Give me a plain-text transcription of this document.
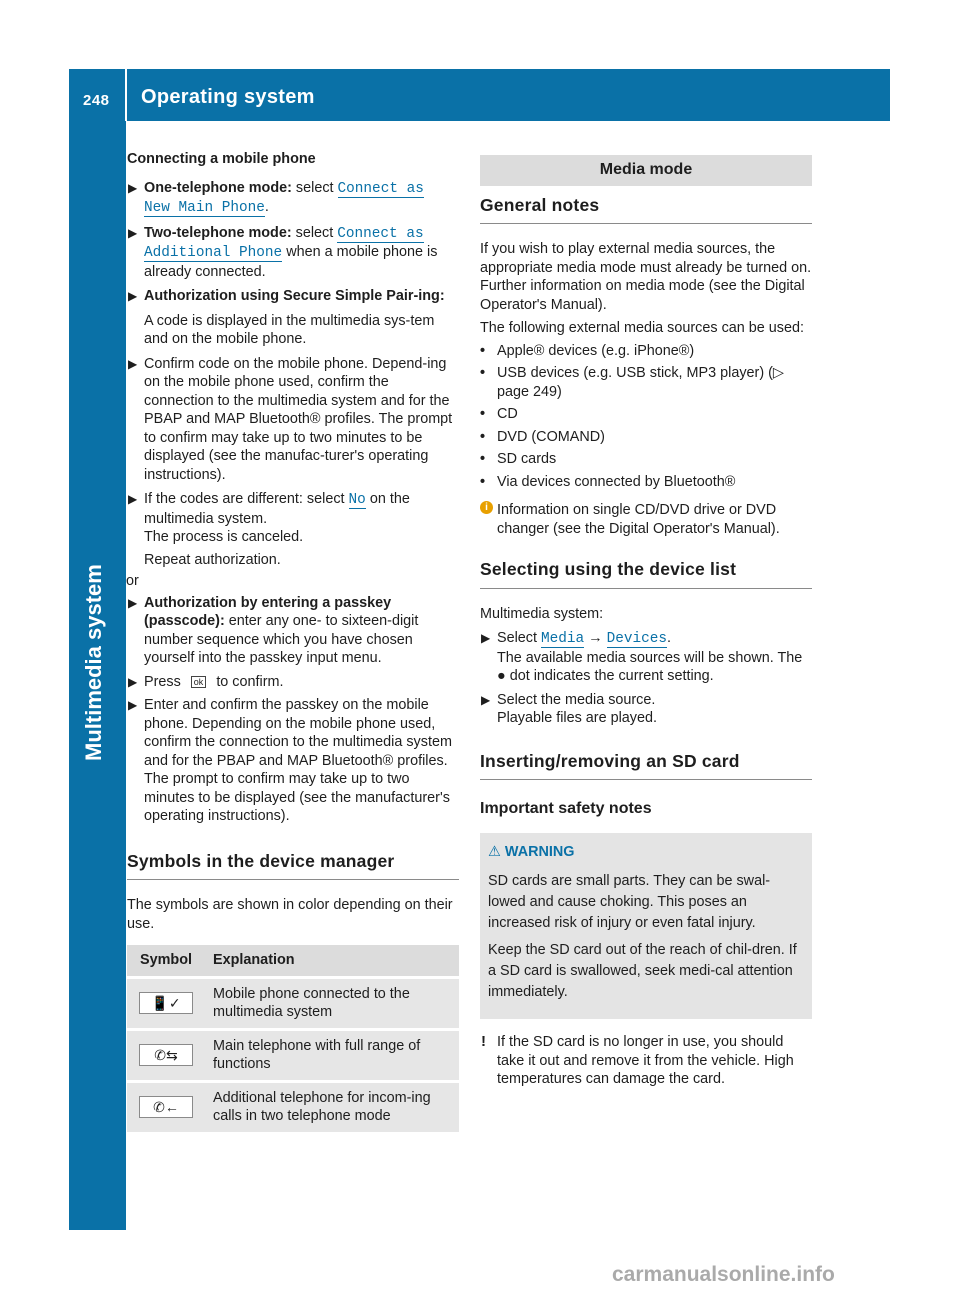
248 Operating system
Multimedia system

Connecting a mobile phone

▶ One-telephone mode: select Connect as
New Main Phone.
▶ Two-telephone mode: select Connect as
Additional Phone when a mobile phone is already connected.
▶ Authorization using Secure Simple Pair-ing:

A code is displayed in the multimedia sys-tem and on the mobile phone.

▶ Confirm code on the mobile phone. Depend-ing on the mobile phone used, confirm the connection to the multimedia system and for the PBAP and MAP Bluetooth® profiles. The prompt to confirm may take up to two minutes to be displayed (see the manufac-turer's operating instructions).
▶ If the codes are different: select No on the multimedia system.
The process is canceled.

Repeat authorization.

or

▶ Authorization by entering a passkey (passcode): enter any one- to sixteen-digit number sequence which you have chosen yourself into the passkey input menu.
▶ Press ok to confirm.
▶ Enter and confirm the passkey on the mobile phone. Depending on the mobile phone used, confirm the connection to the multimedia system and for the PBAP and MAP Bluetooth® profiles. The prompt to confirm may take up to two minutes to be displayed (see the manufacturer's operating instructions).
Symbols in the device manager

The symbols are shown in color depending on their use.

Symbol	Explanation
📱✓	Mobile phone connected to the multimedia system
✆⇆	Main telephone with full range of functions
✆←	Additional telephone for incom-ing calls in two telephone mode
Media mode
General notes

If you wish to play external media sources, the appropriate media mode must already be turned on. Further information on media mode (see the Digital Operator's Manual).

The following external media sources can be used:

• Apple® devices (e.g. iPhone®)
• USB devices (e.g. USB stick, MP3 player) (▷ page 249)
• CD
• DVD (COMAND)
• SD cards
• Via devices connected by Bluetooth®
i Information on single CD/DVD drive or DVD changer (see the Digital Operator's Manual).
Selecting using the device list

Multimedia system:

▶ Select Media → Devices.
The available media sources will be shown. The ● dot indicates the current setting.
▶ Select the media source.
Playable files are played.
Inserting/removing an SD card
Important safety notes
⚠ WARNING

SD cards are small parts. They can be swal-lowed and cause choking. This poses an increased risk of injury or even fatal injury.

Keep the SD card out of the reach of chil-dren. If a SD card is swallowed, seek medi-cal attention immediately.

! If the SD card is no longer in use, you should take it out and remove it from the vehicle. High temperatures can damage the card.
carmanualsonline.info
